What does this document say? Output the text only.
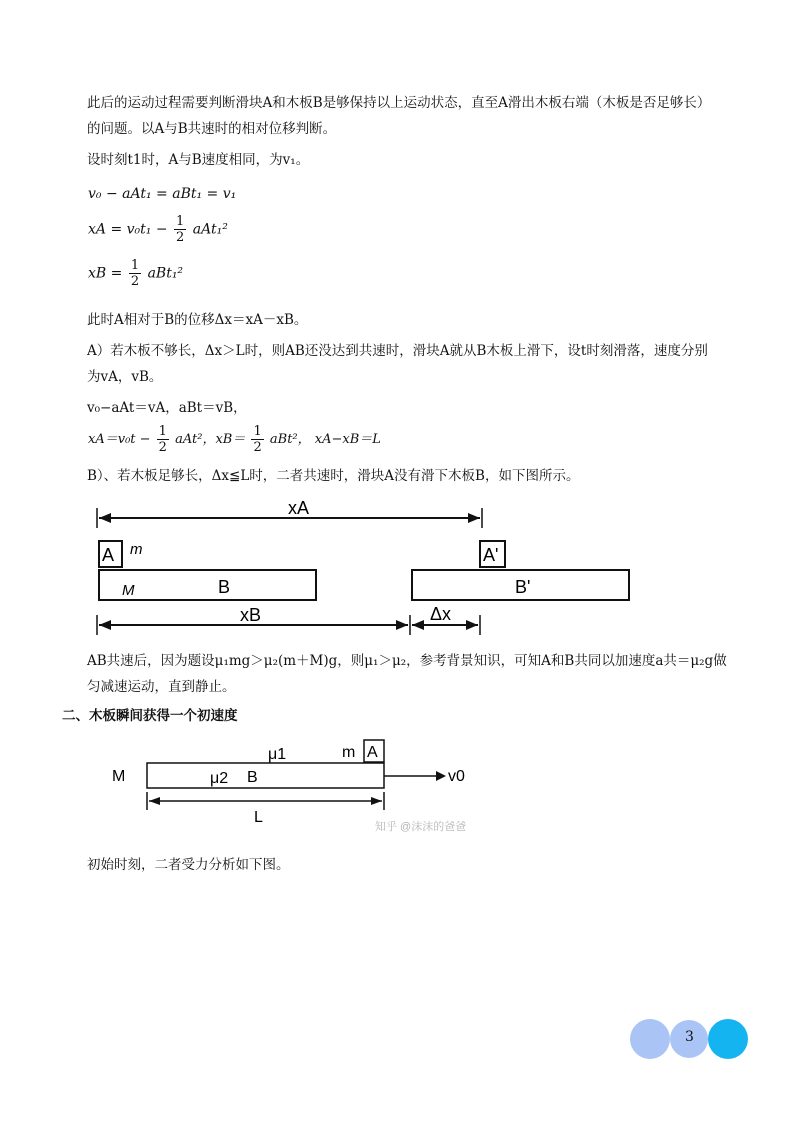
此后的运动过程需要判断滑块A和木板B是够保持以上运动状态，直至A滑出木板右端（木板是否足够长）
的问题。以A与B共速时的相对位移判断。
设时刻t1时，A与B速度相同，为v₁。
v₀ − aAt₁ = aBt₁ = v₁
xA = $v_0t_1 - \frac{1}{2} aAt_1^2$
xB = $\frac{1}{2} aBt_1^2$
此时A相对于B的位移Δx＝xA－xB。
A）若木板不够长，Δx＞L时，则AB还没达到共速时，滑块A就从B木板上滑下，设t时刻滑落，速度分别
为vA，vB。
v₀−aAt＝vA，aBt＝vB，
$xA=v_0t - \frac{1}{2} aAt^2$，$xB= \frac{1}{2} aBt^2$， xA−xB＝L
B）、若木板足够长，Δx≦L时，二者共速时，滑块A没有滑下木板B，如下图所示。
xA
A m
M	B
A'
B'
xB	Δx
AB共速后，因为题设μ₁mg＞μ₂(m＋M)g，则μ₁＞μ₂，参考背景知识，可知A和B共同以加速度a共＝μ₂g做
匀减速运动，直到静止。
二、木板瞬间获得一个初速度
M
μ1	m A
μ2 B	v0
L
知乎 @沫沫的爸爸
初始时刻，二者受力分析如下图。
3
